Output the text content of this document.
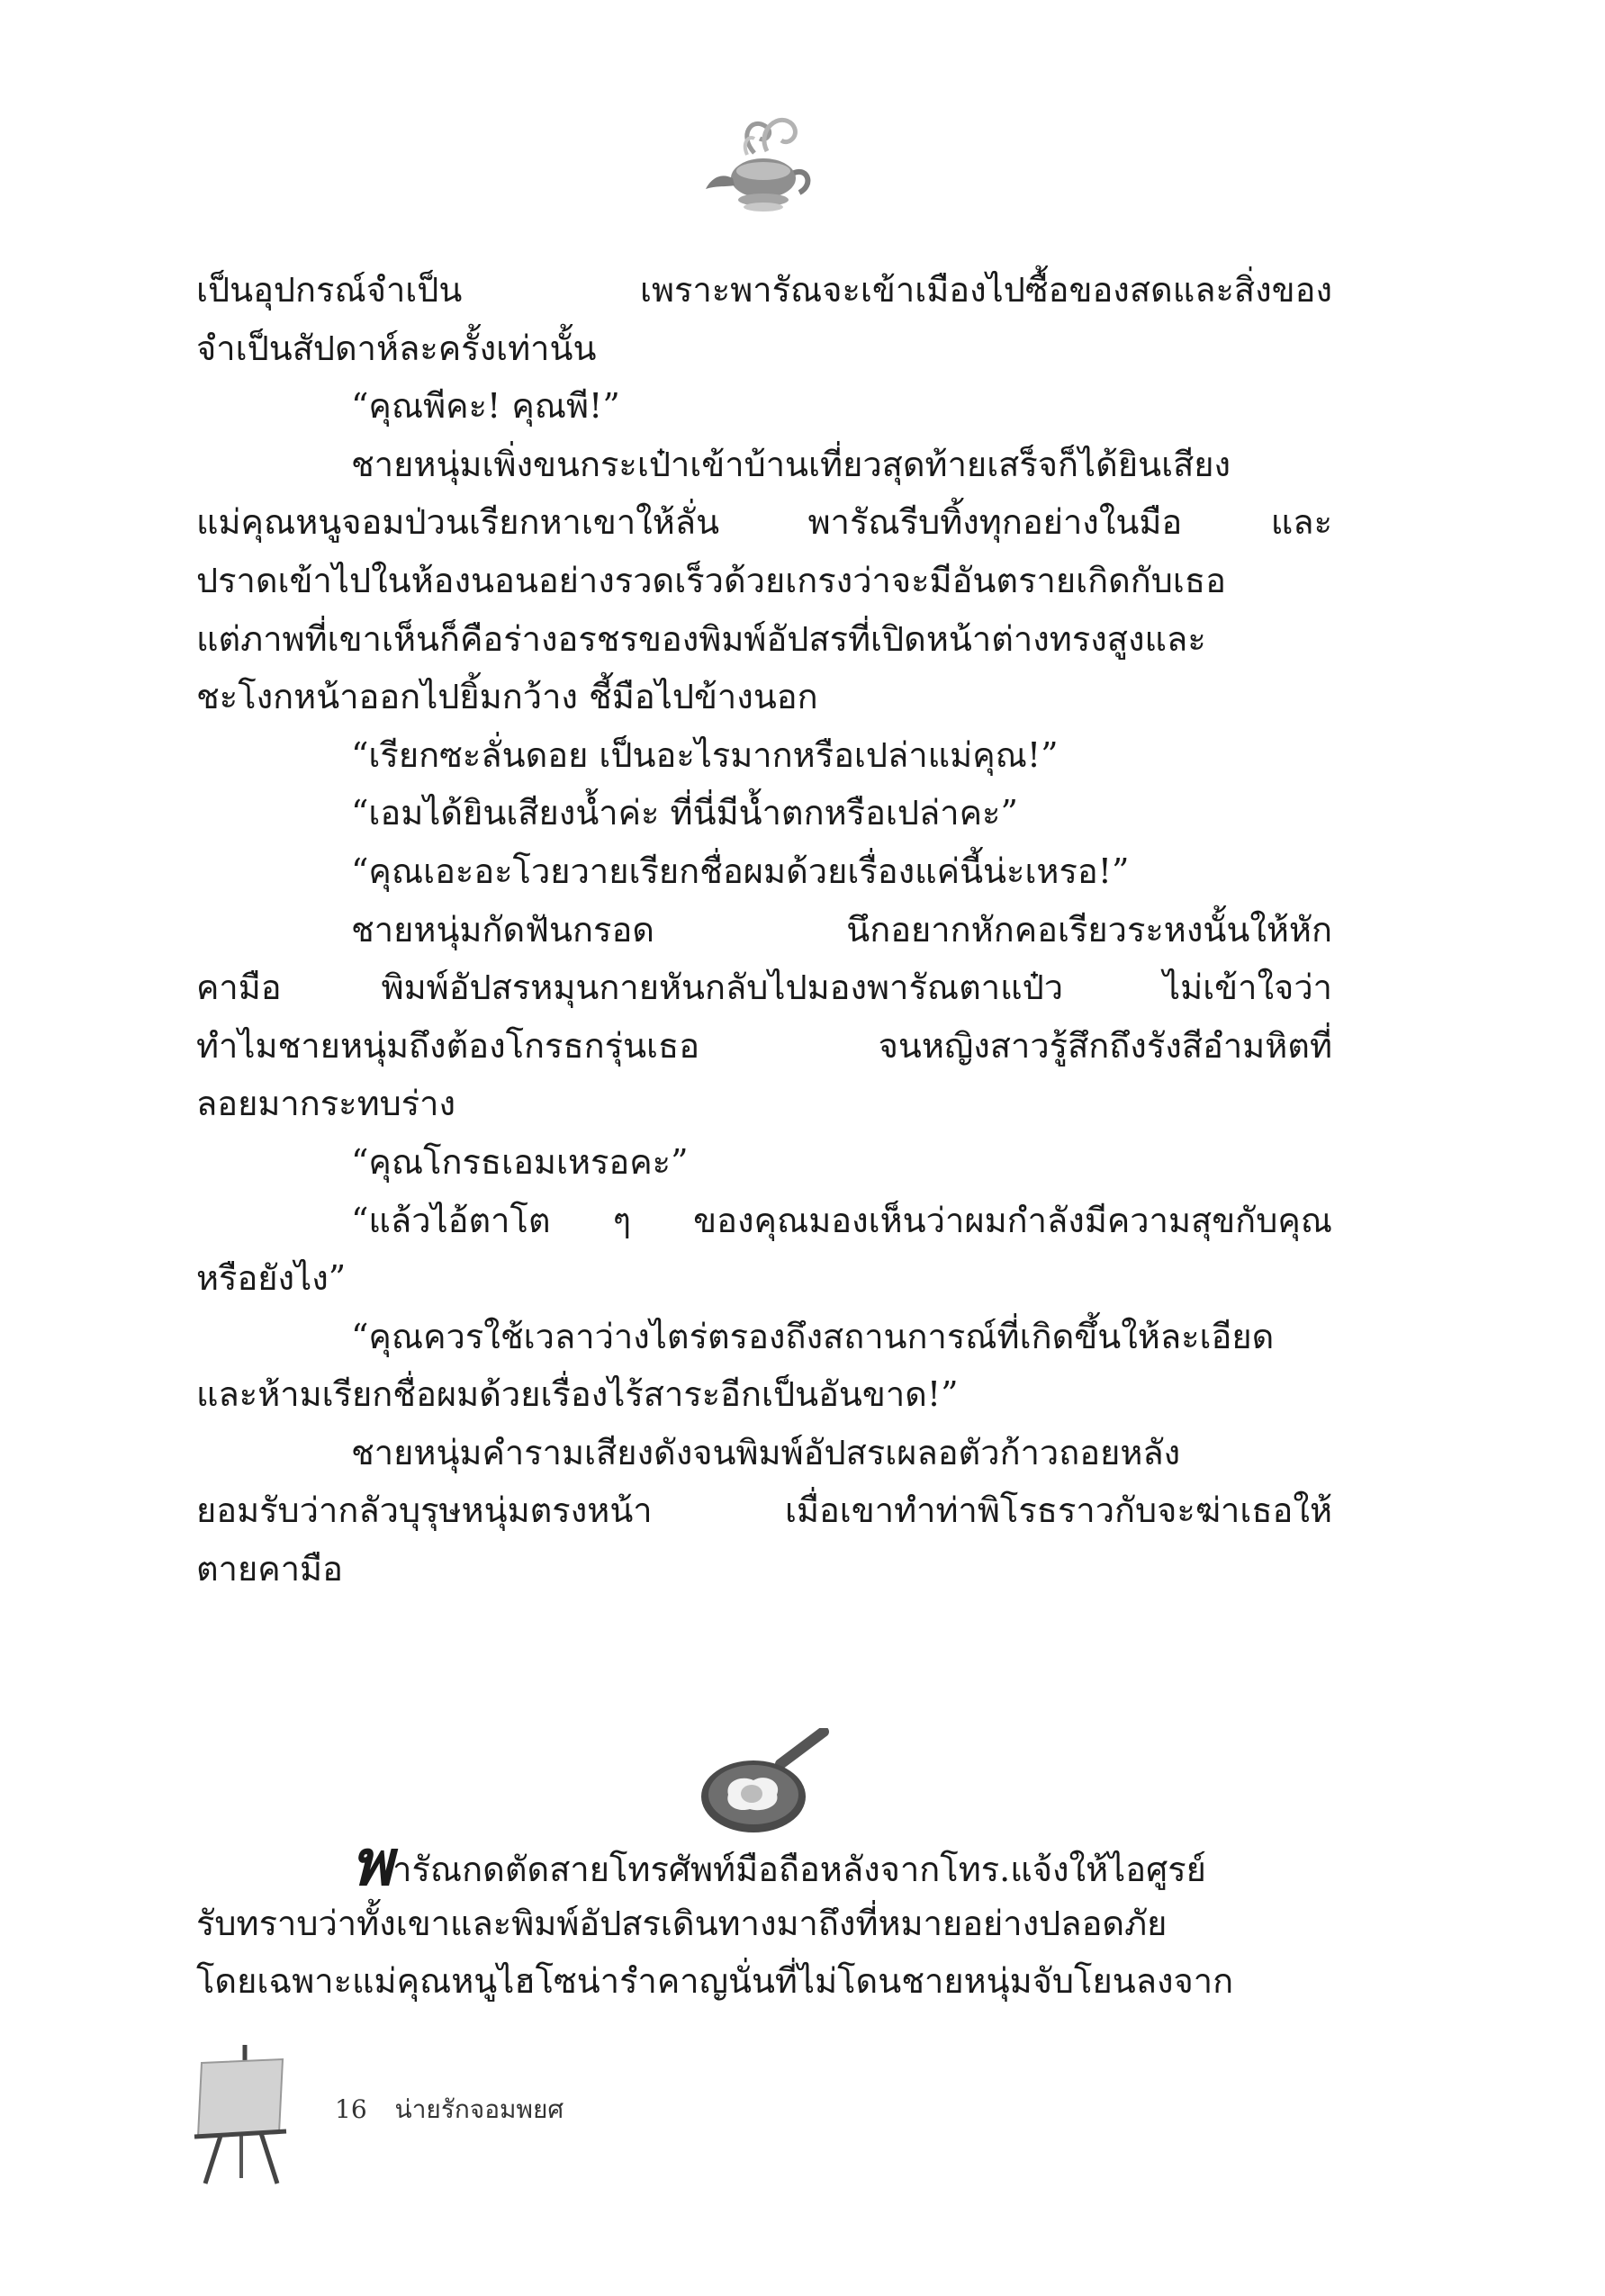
เป็นอุปกรณ์จำเป็น เพราะพารัณจะเข้าเมืองไปซื้อของสดและสิ่งของ
จำเป็นสัปดาห์ละครั้งเท่านั้น
“คุณพีคะ! คุณพี!”
ชายหนุ่มเพิ่งขนกระเป๋าเข้าบ้านเที่ยวสุดท้ายเสร็จก็ได้ยินเสียง
แม่คุณหนูจอมป่วนเรียกหาเขาให้ลั่น พารัณรีบทิ้งทุกอย่างในมือ และ
ปราดเข้าไปในห้องนอนอย่างรวดเร็วด้วยเกรงว่าจะมีอันตรายเกิดกับเธอ
แต่ภาพที่เขาเห็นก็คือร่างอรชรของพิมพ์อัปสรที่เปิดหน้าต่างทรงสูงและ
ชะโงกหน้าออกไปยิ้มกว้าง ชี้มือไปข้างนอก
“เรียกซะลั่นดอย เป็นอะไรมากหรือเปล่าแม่คุณ!”
“เอมได้ยินเสียงน้ำค่ะ ที่นี่มีน้ำตกหรือเปล่าคะ”
“คุณเอะอะโวยวายเรียกชื่อผมด้วยเรื่องแค่นี้น่ะเหรอ!”
ชายหนุ่มกัดฟันกรอด นึกอยากหักคอเรียวระหงนั้นให้หัก
คามือ พิมพ์อัปสรหมุนกายหันกลับไปมองพารัณตาแป๋ว ไม่เข้าใจว่า
ทำไมชายหนุ่มถึงต้องโกรธกรุ่นเธอ จนหญิงสาวรู้สึกถึงรังสีอำมหิตที่
ลอยมากระทบร่าง
“คุณโกรธเอมเหรอคะ”
“แล้วไอ้ตาโต ๆ ของคุณมองเห็นว่าผมกำลังมีความสุขกับคุณ
หรือยังไง”
“คุณควรใช้เวลาว่างไตร่ตรองถึงสถานการณ์ที่เกิดขึ้นให้ละเอียด
และห้ามเรียกชื่อผมด้วยเรื่องไร้สาระอีกเป็นอันขาด!”
ชายหนุ่มคำรามเสียงดังจนพิมพ์อัปสรเผลอตัวก้าวถอยหลัง
ยอมรับว่ากลัวบุรุษหนุ่มตรงหน้า เมื่อเขาทำท่าพิโรธราวกับจะฆ่าเธอให้
ตายคามือ
พารัณกดตัดสายโทรศัพท์มือถือหลังจากโทร.แจ้งให้ไอศูรย์
รับทราบว่าทั้งเขาและพิมพ์อัปสรเดินทางมาถึงที่หมายอย่างปลอดภัย
โดยเฉพาะแม่คุณหนูไฮโซน่ารำคาญนั่นที่ไม่โดนชายหนุ่มจับโยนลงจาก
16 น่ายรักจอมพยศ
